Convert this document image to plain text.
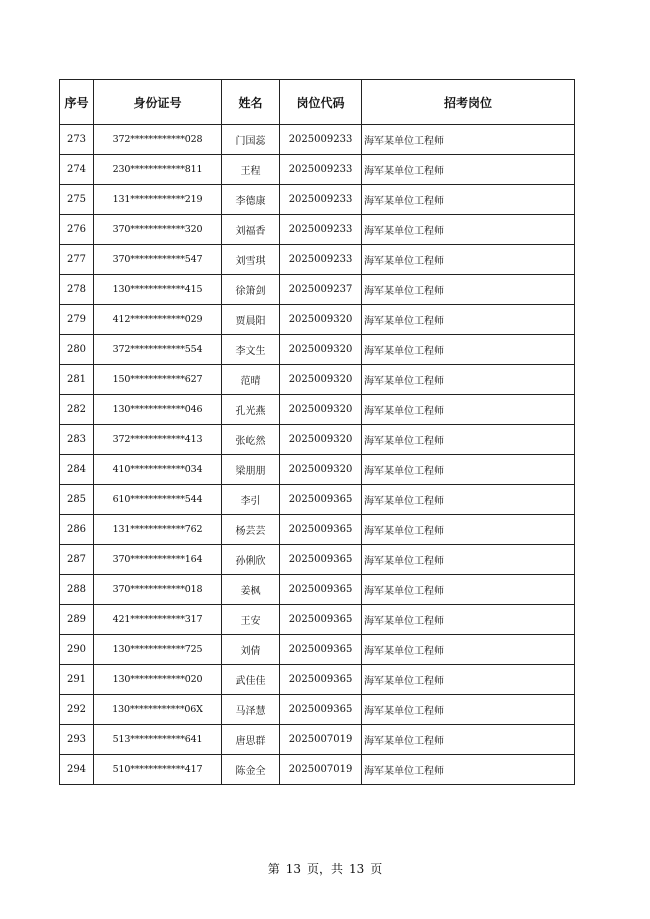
序号	身份证号	姓名	岗位代码	招考岗位
273	372************028	门国蕊	2025009233	海军某单位工程师
274	230************811	王程	2025009233	海军某单位工程师
275	131************219	李德康	2025009233	海军某单位工程师
276	370************320	刘福香	2025009233	海军某单位工程师
277	370************547	刘雪琪	2025009233	海军某单位工程师
278	130************415	徐箫剑	2025009237	海军某单位工程师
279	412************029	贾晨阳	2025009320	海军某单位工程师
280	372************554	李文生	2025009320	海军某单位工程师
281	150************627	范晴	2025009320	海军某单位工程师
282	130************046	孔光燕	2025009320	海军某单位工程师
283	372************413	张屹然	2025009320	海军某单位工程师
284	410************034	梁朋朋	2025009320	海军某单位工程师
285	610************544	李引	2025009365	海军某单位工程师
286	131************762	杨芸芸	2025009365	海军某单位工程师
287	370************164	孙俐欣	2025009365	海军某单位工程师
288	370************018	姜枫	2025009365	海军某单位工程师
289	421************317	王安	2025009365	海军某单位工程师
290	130************725	刘倩	2025009365	海军某单位工程师
291	130************020	武佳佳	2025009365	海军某单位工程师
292	130************06X	马泽慧	2025009365	海军某单位工程师
293	513************641	唐思群	2025007019	海军某单位工程师
294	510************417	陈金全	2025007019	海军某单位工程师
第 13 页，共 13 页
